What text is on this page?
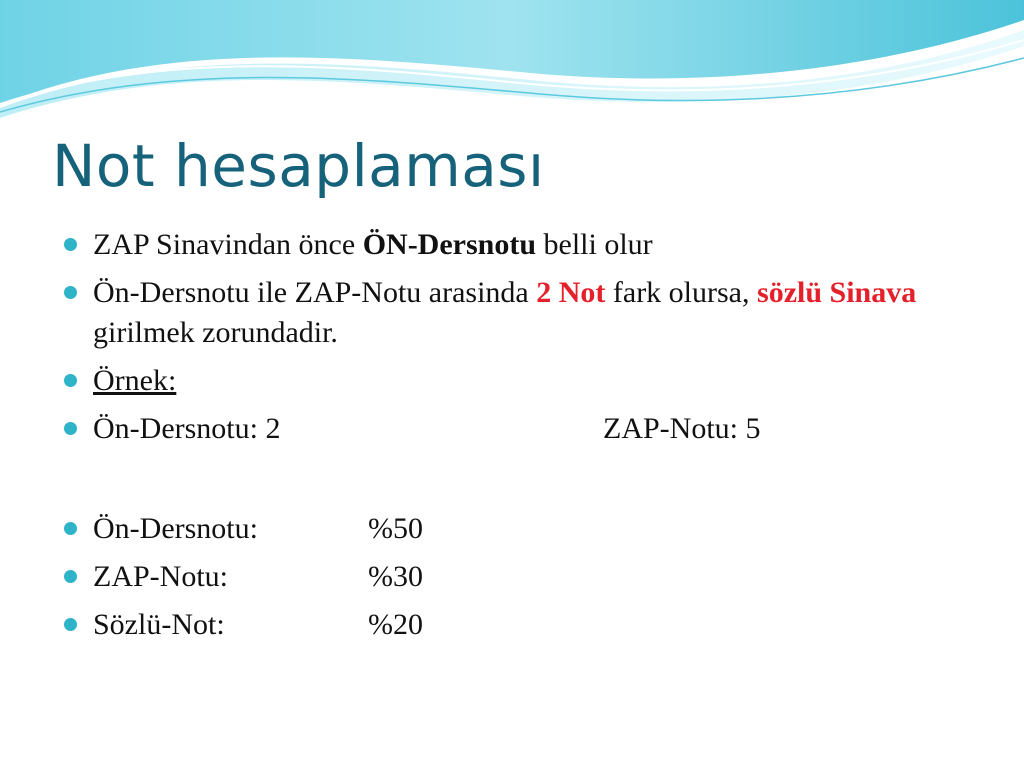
Not hesaplaması
ZAP Sinavindan önce ÖN-Dersnotu belli olur
Ön-Dersnotu ile ZAP-Notu arasinda 2 Not fark olursa, sözlü Sinava girilmek zorundadir.
Örnek:
Ön-Dersnotu: 2	ZAP-Notu: 5
Ön-Dersnotu:	%50
ZAP-Notu:	%30
Sözlü-Not:	%20
